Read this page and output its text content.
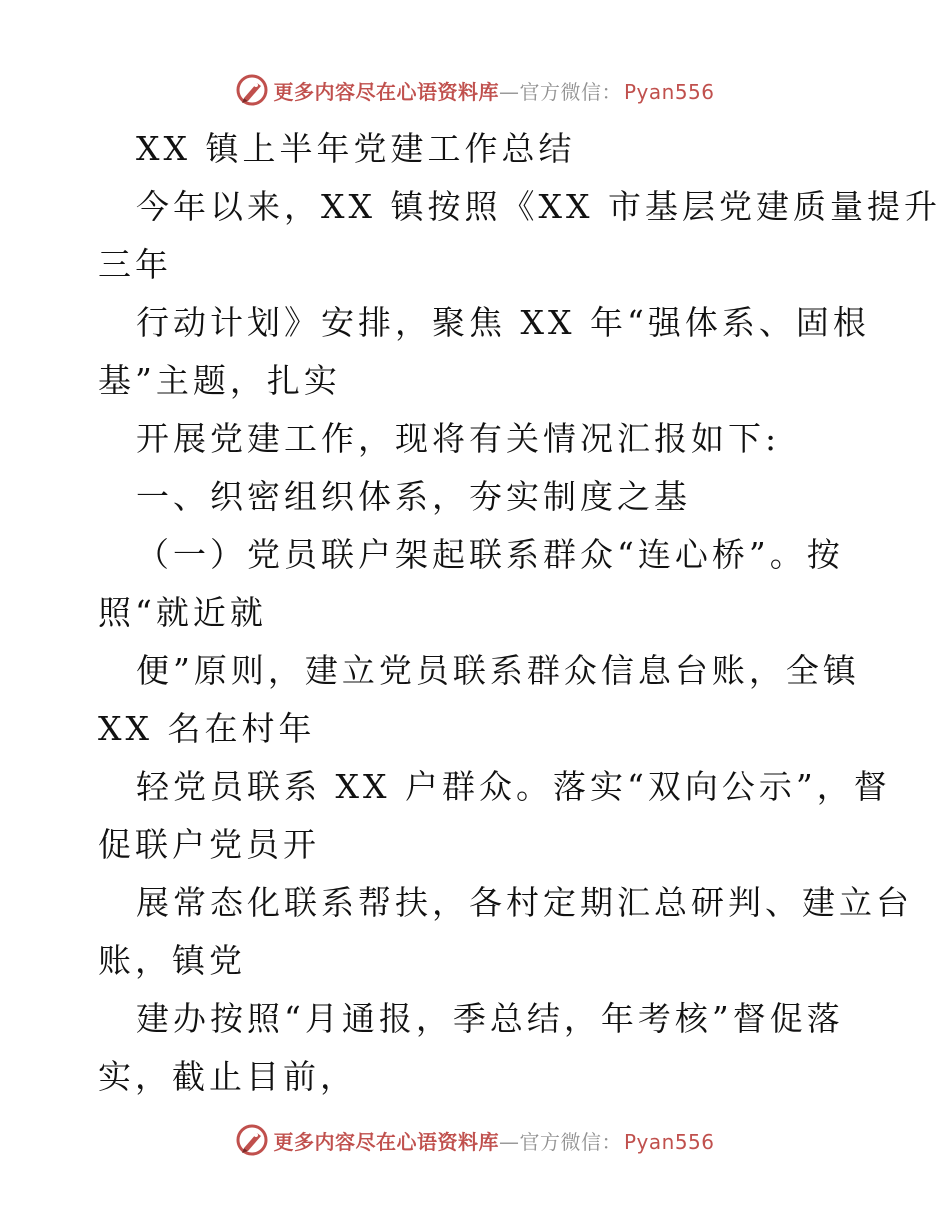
更多内容尽在心语资料库—官方微信： Pyan556
XX 镇上半年党建工作总结
今年以来，XX 镇按照《XX 市基层党建质量提升
三年
行动计划》安排，聚焦 XX 年“强体系、固根
基”主题，扎实
开展党建工作，现将有关情况汇报如下:
一、织密组织体系，夯实制度之基
（一）党员联户架起联系群众“连心桥”。按
照“就近就
便”原则，建立党员联系群众信息台账，全镇
XX 名在村年
轻党员联系 XX 户群众。落实“双向公示”，督
促联户党员开
展常态化联系帮扶，各村定期汇总研判、建立台
账，镇党
建办按照“月通报，季总结，年考核”督促落
实，截止目前，
更多内容尽在心语资料库—官方微信： Pyan556
